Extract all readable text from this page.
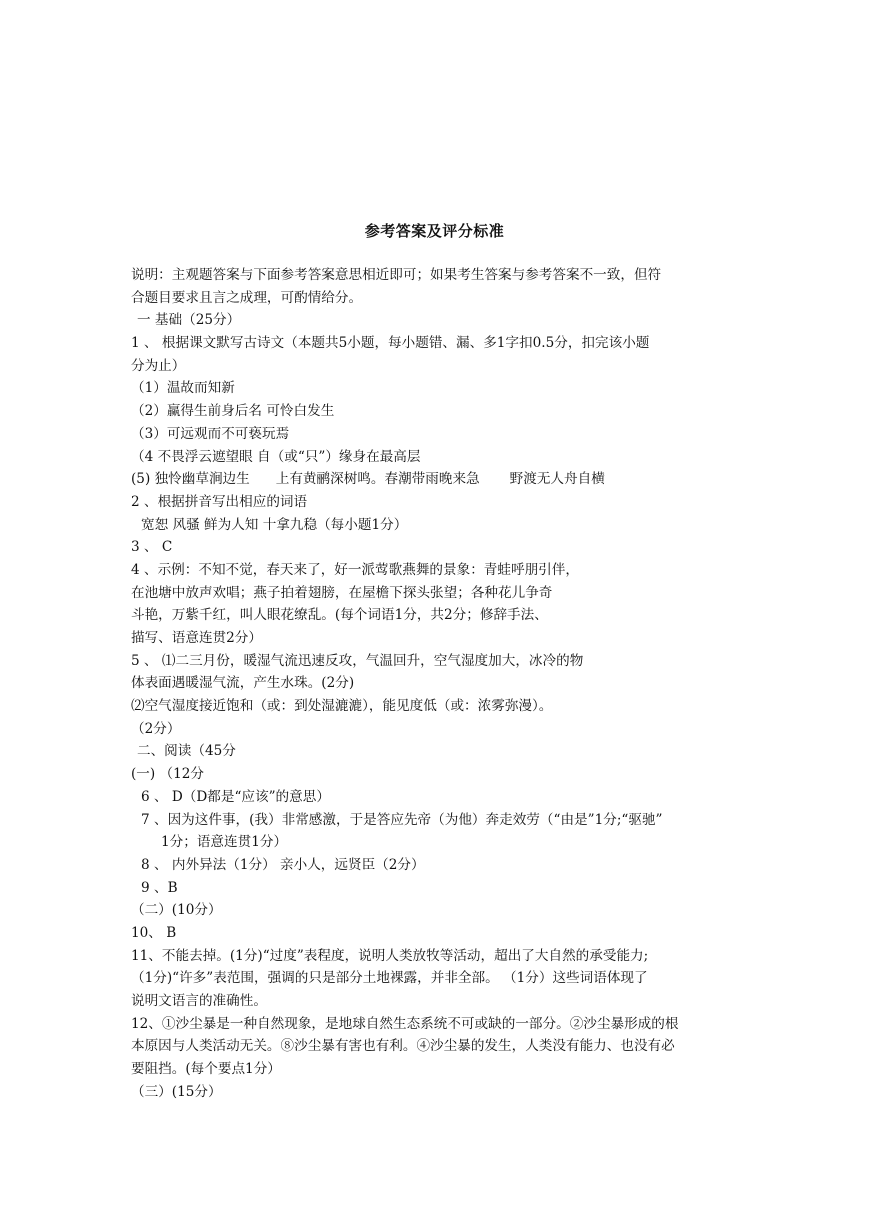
参考答案及评分标准
说明：主观题答案与下面参考答案意思相近即可；如果考生答案与参考答案不一致，但符
合题目要求且言之成理，可酌情给分。
一 基础（25分）
1 、 根据课文默写古诗文（本题共5小题，每小题错、漏、多1字扣0.5分，扣完该小题
分为止）
（1）温故而知新
（2）赢得生前身后名 可怜白发生
（3）可远观而不可亵玩焉
（4 不畏浮云遮望眼 自（或“只”）缘身在最高层
(5) 独怜幽草涧边生 上有黄鹂深树鸣。春潮带雨晚来急 野渡无人舟自横
2 、根据拼音写出相应的词语
宽恕 风骚 鲜为人知 十拿九稳（每小题1分）
3 、 C
4 、示例：不知不觉，春天来了，好一派莺歌燕舞的景象：青蛙呼朋引伴，
在池塘中放声欢唱；燕子拍着翅膀，在屋檐下探头张望；各种花儿争奇
斗艳，万紫千红，叫人眼花缭乱。(每个词语1分，共2分；修辞手法、
描写、语意连贯2分）
5 、 ⑴二三月份，暖湿气流迅速反攻，气温回升，空气湿度加大，冰冷的物
体表面遇暖湿气流，产生水珠。(2分)
⑵空气湿度接近饱和（或：到处湿漉漉），能见度低（或：浓雾弥漫）。
（2分）
二、阅读（45分
(一) （12分
6 、 D（D都是“应该”的意思）
7 、因为这件事，(我）非常感激，于是答应先帝（为他）奔走效劳（“由是”1分;“驱驰”
1分；语意连贯1分）
8 、 内外异法（1分） 亲小人，远贤臣（2分）
9 、B
（二）(10分）
10、 B
11、不能去掉。(1分)“过度”表程度，说明人类放牧等活动，超出了大自然的承受能力;
（1分)“许多”表范围，强调的只是部分土地裸露，并非全部。 （1分）这些词语体现了
说明文语言的准确性。
12、①沙尘暴是一种自然现象，是地球自然生态系统不可或缺的一部分。②沙尘暴形成的根
本原因与人类活动无关。⑧沙尘暴有害也有利。④沙尘暴的发生，人类没有能力、也没有必
要阻挡。(每个要点1分）
（三）(15分）
